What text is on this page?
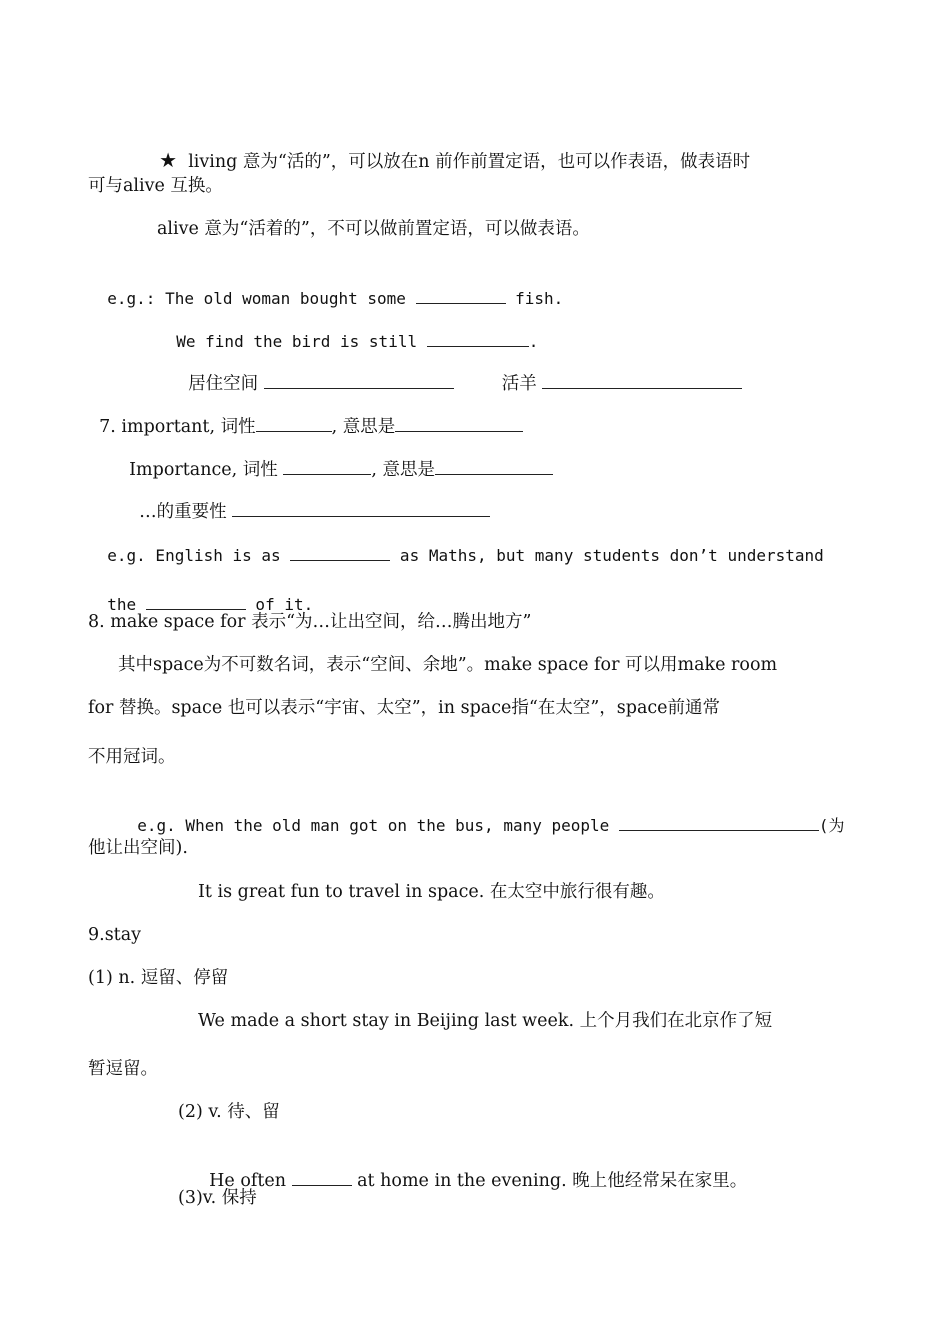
★  living 意为“活的”，可以放在n 前作前置定语，也可以作表语，做表语时

可与alive 互换。
alive 意为“活着的”，不可以做前置定语，可以做表语。

e.g.: The old woman bought some	fish.

We find the bird is still	.

居住空间	活羊

7. important, 词性	, 意思是

Importance, 词性	, 意思是

…的重要性

e.g. English is as	as Maths, but many students don’t understand

the	of it.

8. make space for 表示“为…让出空间，给…腾出地方”
其中space为不可数名词，表示“空间、余地”。make space for 可以用make room
for 替换。space 也可以表示“宇宙、太空”，in space指“在太空”，space前通常
不用冠词。

e.g. When the old man got on the bus, many people	(为

他让出空间).
It is great fun to travel in space. 在太空中旅行很有趣。
9.stay
(1) n. 逗留、停留
We made a short stay in Beijing last week. 上个月我们在北京作了短
暂逗留。
(2) v. 待、留

He often	at home in the evening. 晚上他经常呆在家里。

(3)v. 保持
